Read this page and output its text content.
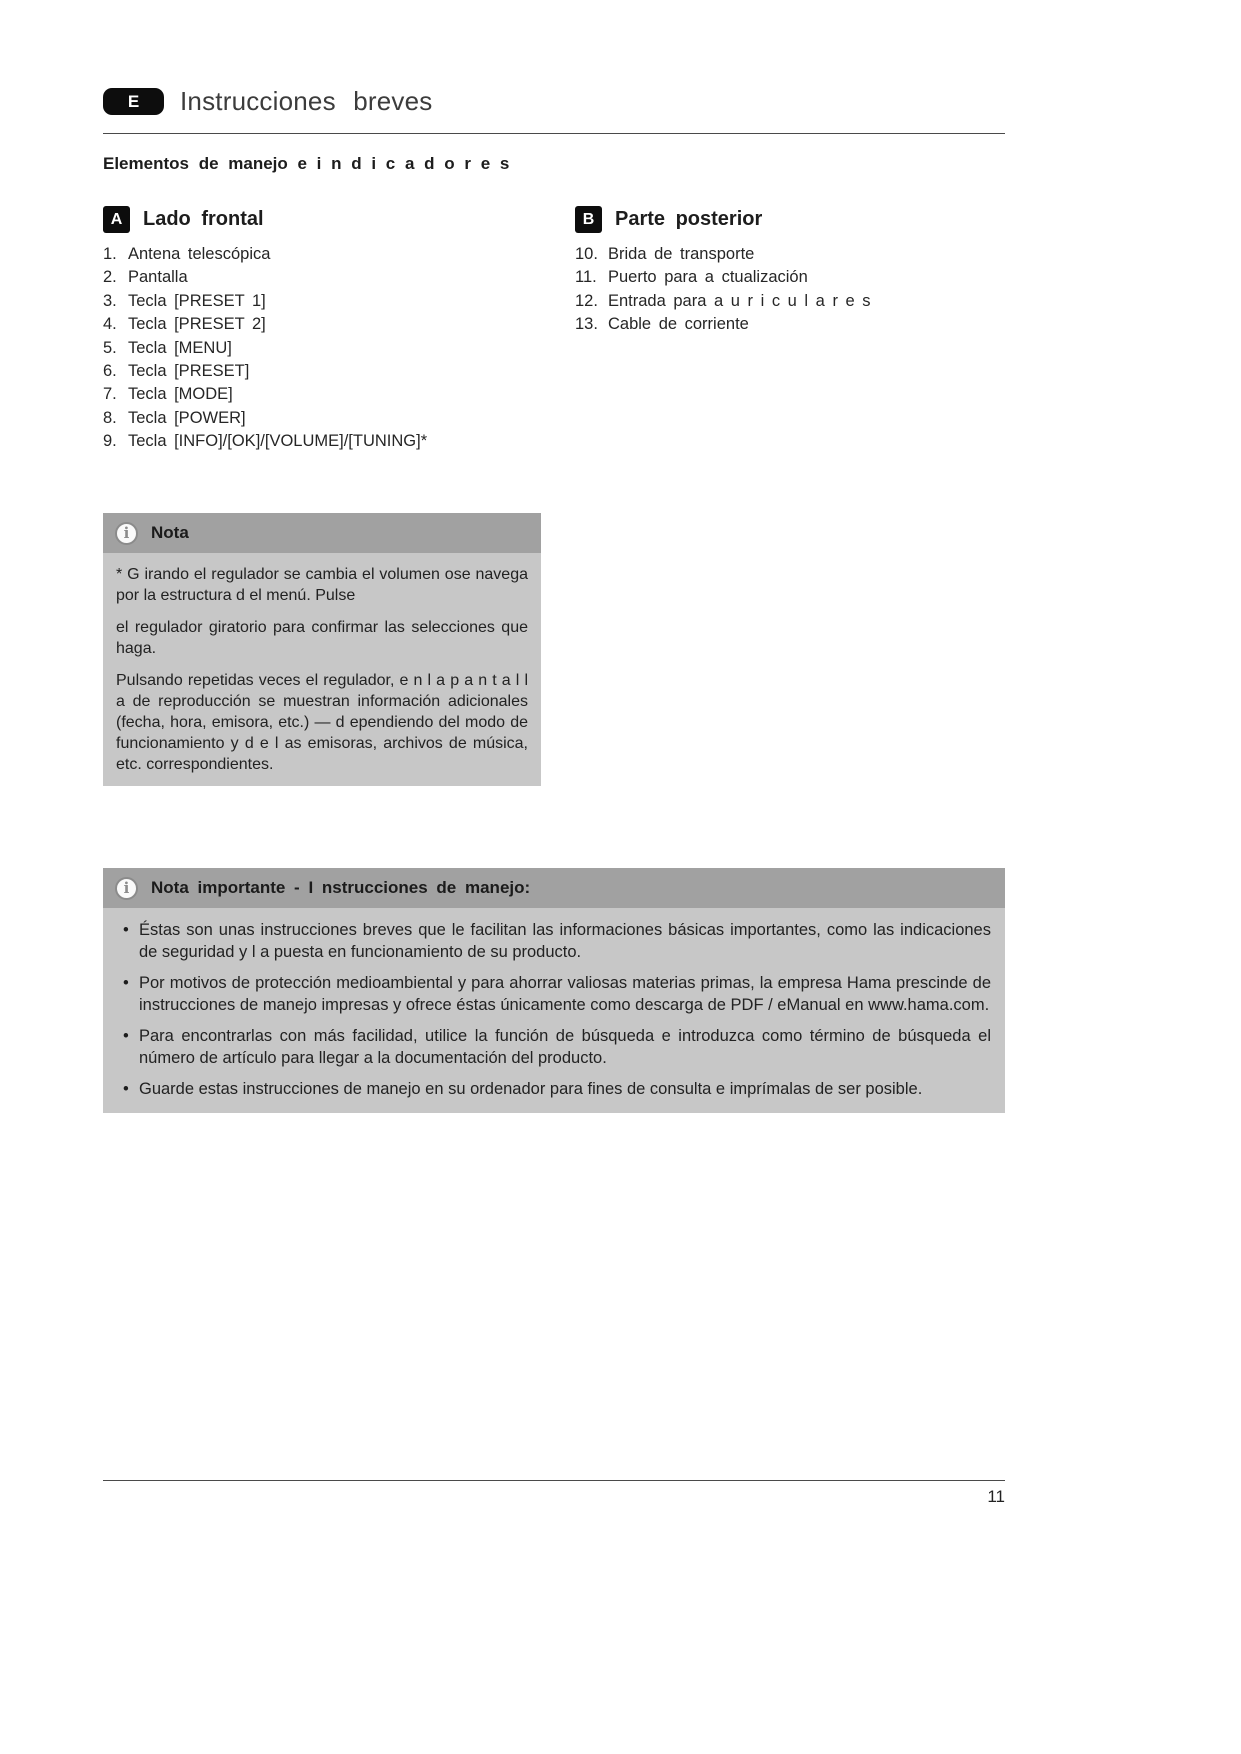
E	Instrucciones breves
Elementos de manejo e i n d i c a d o r e s
A	Lado frontal
1. Antena telescópica
2. Pantalla
3. Tecla [PRESET 1]
4. Tecla [PRESET 2]
5. Tecla [MENU]
6. Tecla [PRESET]
7. Tecla [MODE]
8. Tecla [POWER]
9. Tecla [INFO]/[OK]/[VOLUME]/[TUNING]*
B	Parte posterior
10. Brida de transporte
11. Puerto para a ctualización
12. Entrada para a u r i c u l a r e s
13. Cable de corriente
i	Nota

* G irando el regulador se cambia el volumen ose navega por la estructura d el menú. Pulse

el regulador giratorio para confirmar las selecciones que haga.

Pulsando repetidas veces el regulador, e n l a p a n t a l l a de reproducción se muestran información adicionales (fecha, hora, emisora, etc.) — d ependiendo del modo de funcionamiento y d e l as emisoras, archivos de música, etc. correspondientes.

i	Nota importante - I nstrucciones de manejo:
• Éstas son unas instrucciones breves que le facilitan las informaciones básicas importantes, como las indicaciones de seguridad y l a puesta en funcionamiento de su producto.
• Por motivos de protección medioambiental y para ahorrar valiosas materias primas, la empresa Hama prescinde de instrucciones de manejo impresas y ofrece éstas únicamente como descarga de PDF / eManual en www.hama.com.
• Para encontrarlas con más facilidad, utilice la función de búsqueda e introduzca como término de búsqueda el número de artículo para llegar a la documentación del producto.
• Guarde estas instrucciones de manejo en su ordenador para fines de consulta e imprímalas de ser posible.
11
